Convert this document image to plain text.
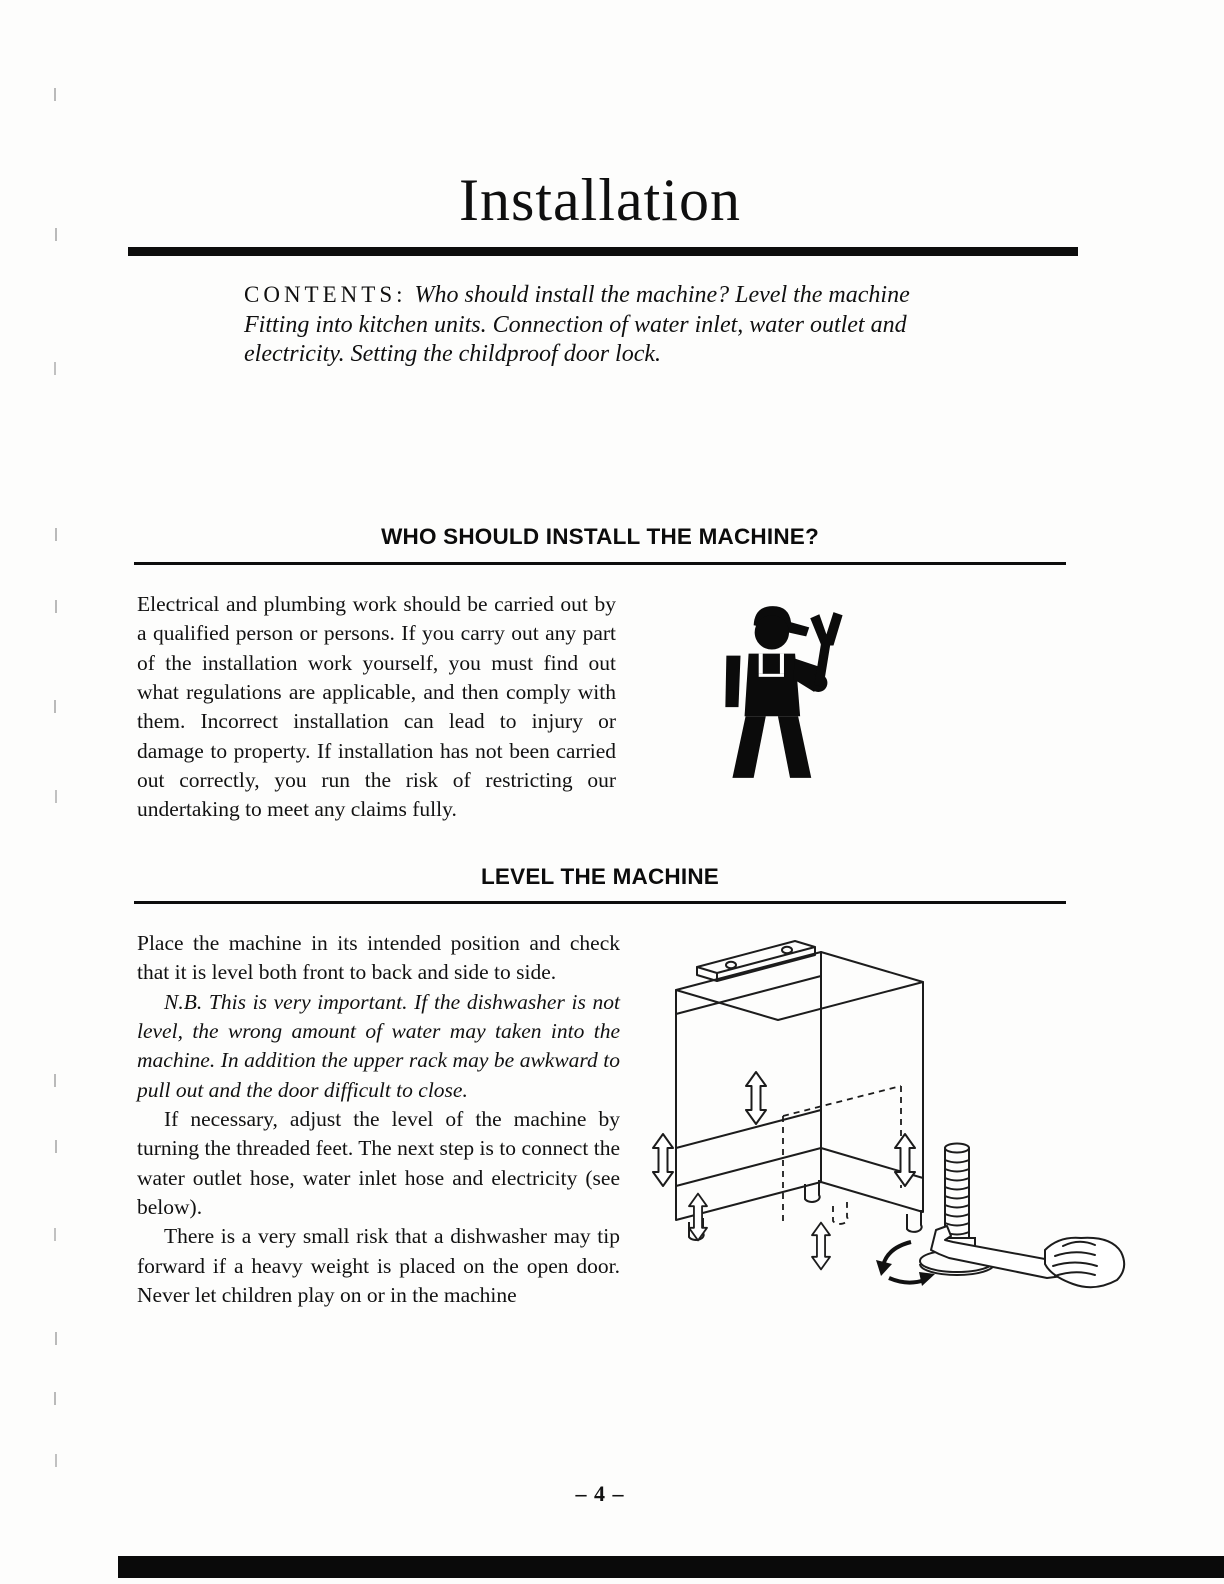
Installation

CONTENTS: Who should install the machine? Level the machine Fitting into kitchen units. Connection of water inlet, water outlet and electricity. Setting the childproof door lock.

WHO SHOULD INSTALL THE MACHINE?

Electrical and plumbing work should be carried out by a qualified person or persons. If you carry out any part of the installation work yourself, you must find out what regulations are applicable, and then comply with them. Incorrect installation can lead to injury or damage to property. If installation has not been carried out correctly, you run the risk of restricting our undertaking to meet any claims fully.

LEVEL THE MACHINE

Place the machine in its intended position and check that it is level both front to back and side to side.

N.B. This is very important. If the dishwasher is not level, the wrong amount of water may taken into the machine. In addition the upper rack may be awkward to pull out and the door difficult to close.

If necessary, adjust the level of the machine by turning the threaded feet. The next step is to connect the water outlet hose, water inlet hose and electricity (see below).

There is a very small risk that a dishwasher may tip forward if a heavy weight is placed on the open door. Never let children play on or in the machine

– 4 –
